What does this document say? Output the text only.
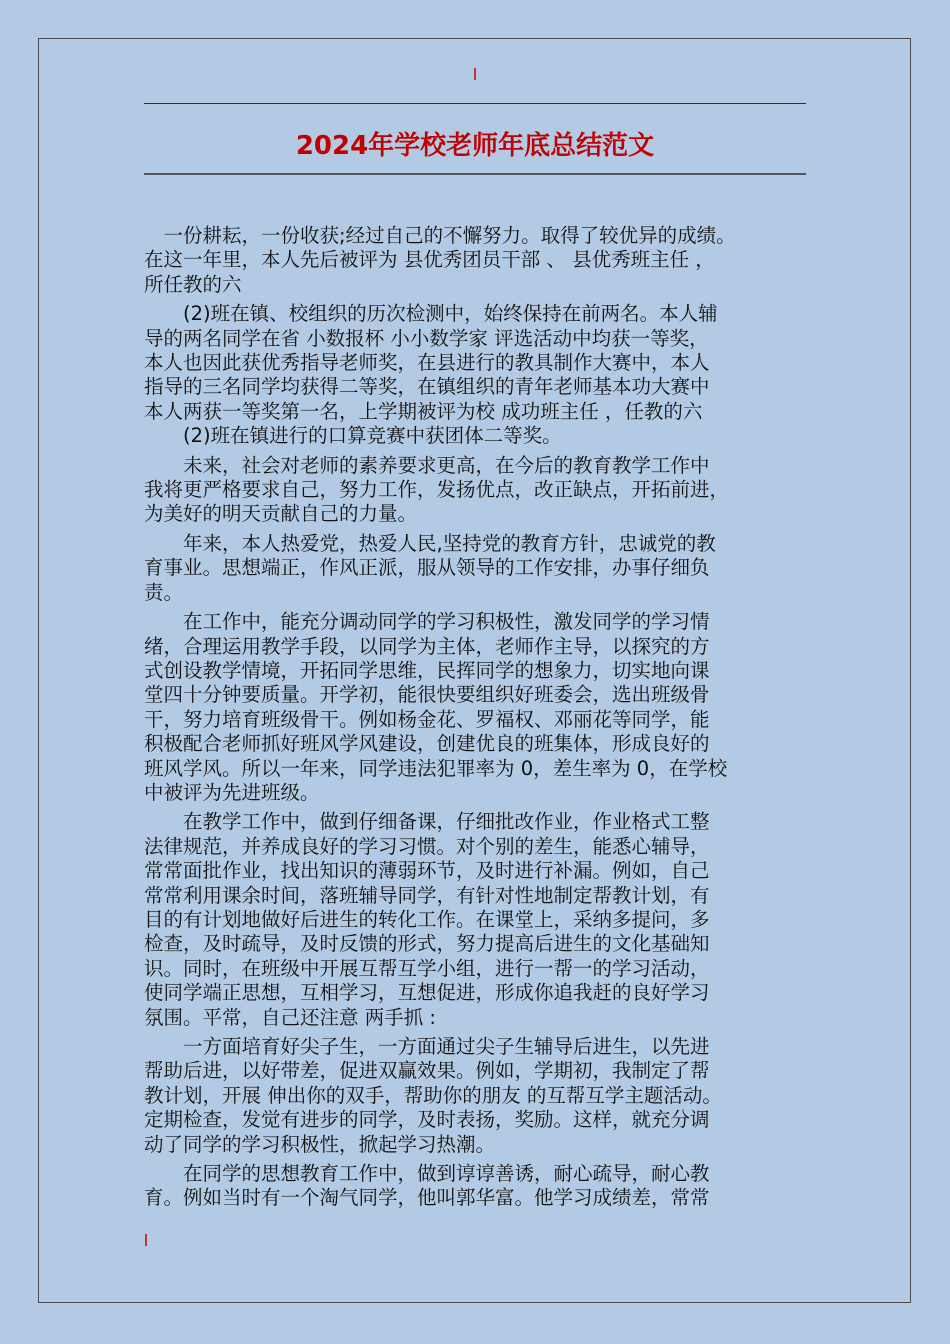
2024年学校老师年底总结范文

　一份耕耘，一份收获;经过自己的不懈努力。取得了较优异的成绩。

在这一年里，本人先后被评为 县优秀团员干部 、 县优秀班主任 ，

所任教的六

　　(2)班在镇、校组织的历次检测中，始终保持在前两名。本人辅

导的两名同学在省 小数报杯 小小数学家 评选活动中均获一等奖，

本人也因此获优秀指导老师奖，在县进行的教具制作大赛中，本人

指导的三名同学均获得二等奖，在镇组织的青年老师基本功大赛中

本人两获一等奖第一名，上学期被评为校 成功班主任 ，任教的六

　　(2)班在镇进行的口算竞赛中获团体二等奖。

　　未来，社会对老师的素养要求更高，在今后的教育教学工作中

我将更严格要求自己，努力工作，发扬优点，改正缺点，开拓前进，

为美好的明天贡献自己的力量。

　　年来，本人热爱党，热爱人民,坚持党的教育方针，忠诚党的教

育事业。思想端正，作风正派，服从领导的工作安排，办事仔细负

责。

　　在工作中，能充分调动同学的学习积极性，激发同学的学习情

绪，合理运用教学手段，以同学为主体，老师作主导，以探究的方

式创设教学情境，开拓同学思维，民挥同学的想象力，切实地向课

堂四十分钟要质量。开学初，能很快要组织好班委会，选出班级骨

干，努力培育班级骨干。例如杨金花、罗福权、邓丽花等同学，能

积极配合老师抓好班风学风建设，创建优良的班集体，形成良好的

班风学风。所以一年来，同学违法犯罪率为 0，差生率为 0，在学校

中被评为先进班级。

　　在教学工作中，做到仔细备课，仔细批改作业，作业格式工整

法律规范，并养成良好的学习习惯。对个别的差生，能悉心辅导，

常常面批作业，找出知识的薄弱环节，及时进行补漏。例如，自己

常常利用课余时间，落班辅导同学，有针对性地制定帮教计划，有

目的有计划地做好后进生的转化工作。在课堂上，采纳多提问，多

检查，及时疏导，及时反馈的形式，努力提高后进生的文化基础知

识。同时，在班级中开展互帮互学小组，进行一帮一的学习活动，

使同学端正思想，互相学习，互想促进，形成你追我赶的良好学习

氛围。平常，自己还注意 两手抓 :

　　一方面培育好尖子生，一方面通过尖子生辅导后进生，以先进

帮助后进，以好带差，促进双赢效果。例如，学期初，我制定了帮

教计划，开展 伸出你的双手，帮助你的朋友 的互帮互学主题活动。

定期检查，发觉有进步的同学，及时表扬，奖励。这样，就充分调

动了同学的学习积极性，掀起学习热潮。

　　在同学的思想教育工作中，做到谆谆善诱，耐心疏导，耐心教

育。例如当时有一个淘气同学，他叫郭华富。他学习成绩差，常常
